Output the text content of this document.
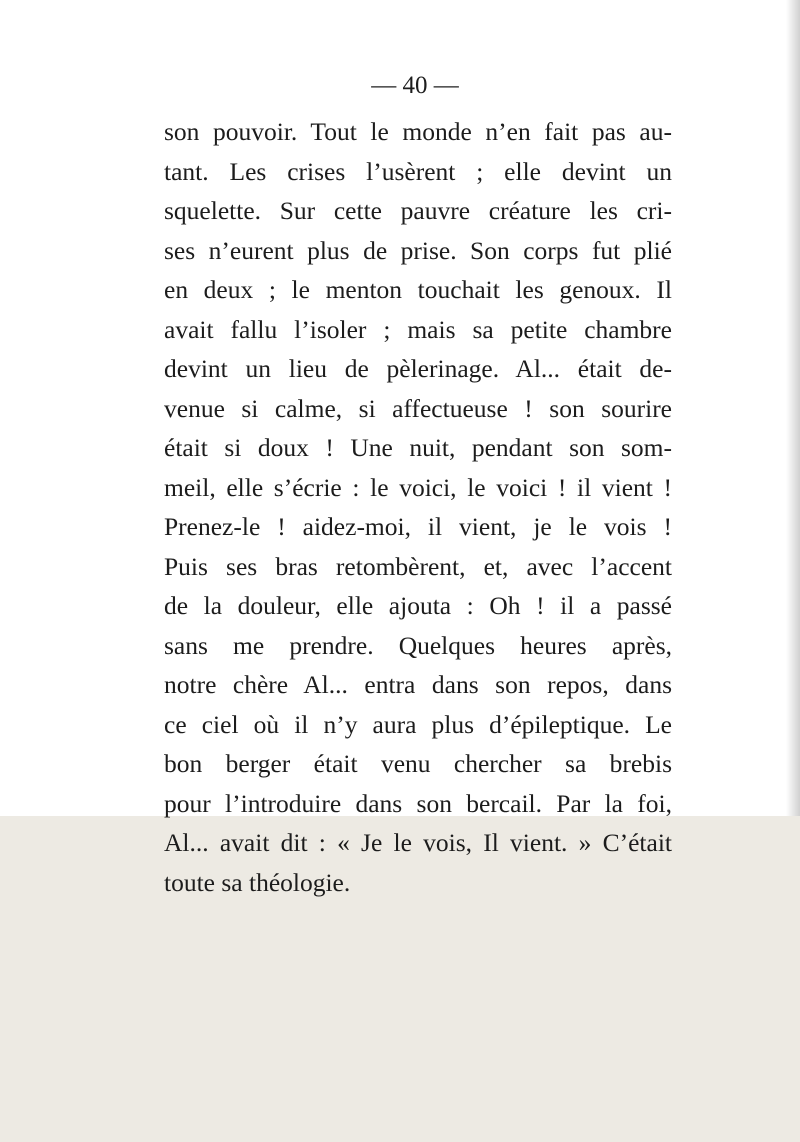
— 40 —
son pouvoir. Tout le monde n’en fait pas au-
tant. Les crises l’usèrent ; elle devint un
squelette. Sur cette pauvre créature les cri-
ses n’eurent plus de prise. Son corps fut plié
en deux ; le menton touchait les genoux. Il
avait fallu l’isoler ; mais sa petite chambre
devint un lieu de pèlerinage. Al... était de-
venue si calme, si affectueuse ! son sourire
était si doux ! Une nuit, pendant son som-
meil, elle s’écrie : le voici, le voici ! il vient !
Prenez-le ! aidez-moi, il vient, je le vois !
Puis ses bras retombèrent, et, avec l’accent
de la douleur, elle ajouta : Oh ! il a passé
sans me prendre. Quelques heures après,
notre chère Al... entra dans son repos, dans
ce ciel où il n’y aura plus d’épileptique. Le
bon berger était venu chercher sa brebis
pour l’introduire dans son bercail. Par la foi,
Al... avait dit : « Je le vois, Il vient. » C’était
toute sa théologie.
